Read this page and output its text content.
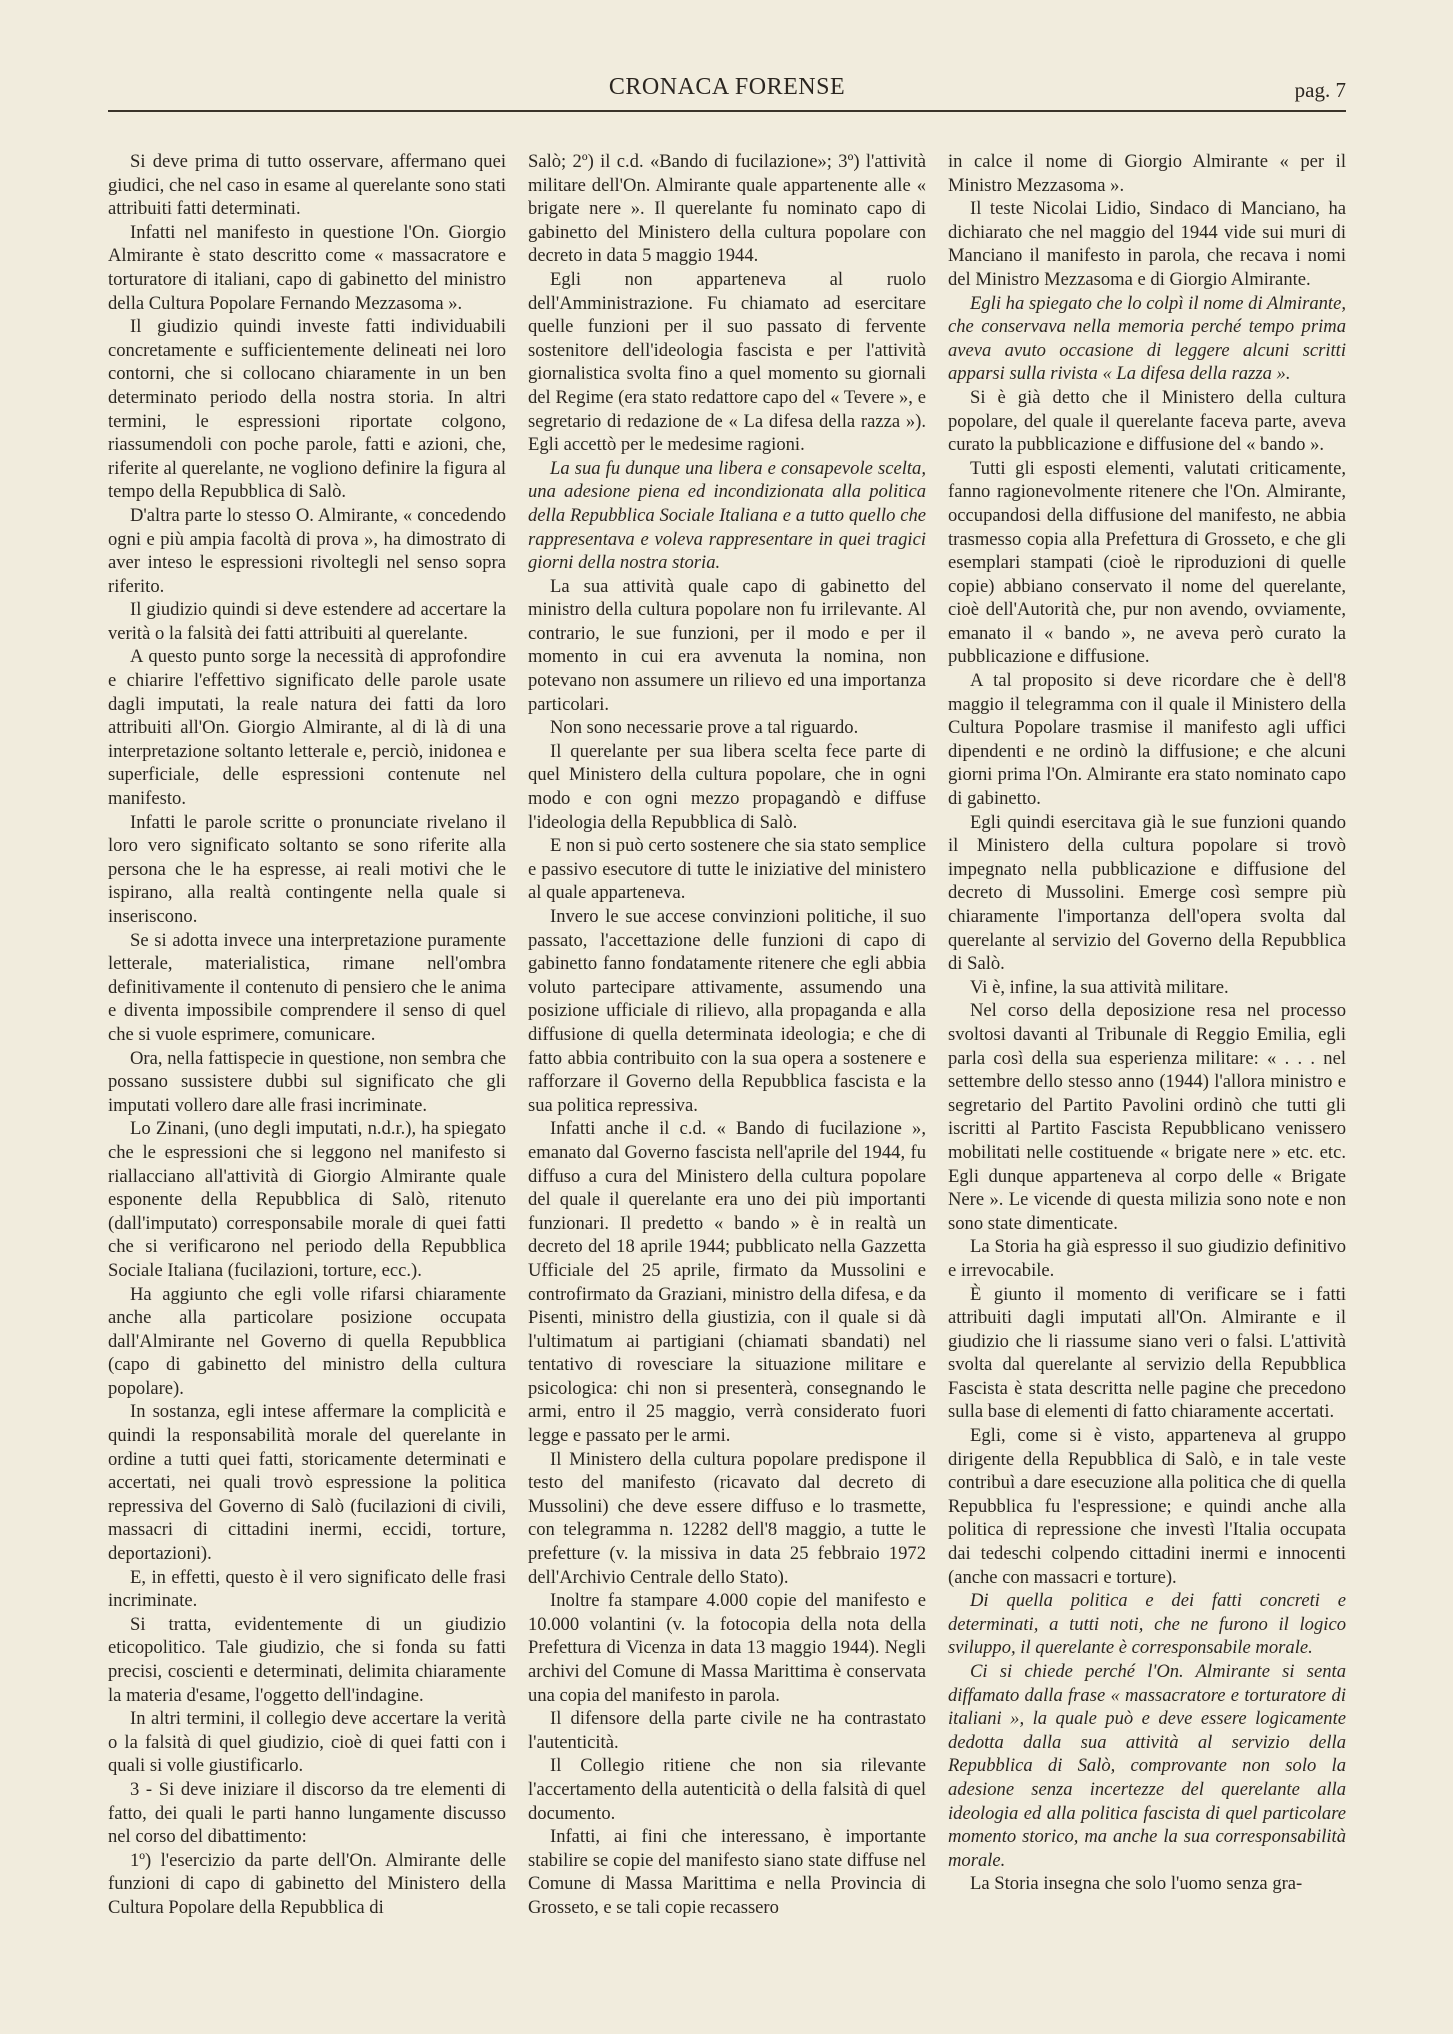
CRONACA FORENSE	pag. 7

Si deve prima di tutto osservare, affermano quei giudici, che nel caso in esame al querelante sono stati attribuiti fatti determinati.

Infatti nel manifesto in questione l'On. Giorgio Almirante è stato descritto come « massacratore e torturatore di italiani, capo di gabinetto del ministro della Cultura Popolare Fernando Mezzasoma ».

Il giudizio quindi investe fatti individuabili concretamente e sufficientemente delineati nei loro contorni, che si collocano chiaramente in un ben determinato periodo della nostra storia. In altri termini, le espressioni riportate colgono, riassumendoli con poche parole, fatti e azioni, che, riferite al querelante, ne vogliono definire la figura al tempo della Repubblica di Salò.

D'altra parte lo stesso O. Almirante, « concedendo ogni e più ampia facoltà di prova », ha dimostrato di aver inteso le espressioni rivoltegli nel senso sopra riferito.

Il giudizio quindi si deve estendere ad accertare la verità o la falsità dei fatti attribuiti al querelante.

A questo punto sorge la necessità di approfondire e chiarire l'effettivo significato delle parole usate dagli imputati, la reale natura dei fatti da loro attribuiti all'On. Giorgio Almirante, al di là di una interpretazione soltanto letterale e, perciò, inidonea e superficiale, delle espressioni contenute nel manifesto.

Infatti le parole scritte o pronunciate rivelano il loro vero significato soltanto se sono riferite alla persona che le ha espresse, ai reali motivi che le ispirano, alla realtà contingente nella quale si inseriscono.

Se si adotta invece una interpretazione puramente letterale, materialistica, rimane nell'ombra definitivamente il contenuto di pensiero che le anima e diventa impossibile comprendere il senso di quel che si vuole esprimere, comunicare.

Ora, nella fattispecie in questione, non sembra che possano sussistere dubbi sul significato che gli imputati vollero dare alle frasi incriminate.

Lo Zinani, (uno degli imputati, n.d.r.), ha spiegato che le espressioni che si leggono nel manifesto si riallacciano all'attività di Giorgio Almirante quale esponente della Repubblica di Salò, ritenuto (dall'imputato) corresponsabile morale di quei fatti che si verificarono nel periodo della Repubblica Sociale Italiana (fucilazioni, torture, ecc.).

Ha aggiunto che egli volle rifarsi chiaramente anche alla particolare posizione occupata dall'Almirante nel Governo di quella Repubblica (capo di gabinetto del ministro della cultura popolare).

In sostanza, egli intese affermare la complicità e quindi la responsabilità morale del querelante in ordine a tutti quei fatti, storicamente determinati e accertati, nei quali trovò espressione la politica repressiva del Governo di Salò (fucilazioni di civili, massacri di cittadini inermi, eccidi, torture, deportazioni).

E, in effetti, questo è il vero significato delle frasi incriminate.

Si tratta, evidentemente di un giudizio eticopolitico. Tale giudizio, che si fonda su fatti precisi, coscienti e determinati, delimita chiaramente la materia d'esame, l'oggetto dell'indagine.

In altri termini, il collegio deve accertare la verità o la falsità di quel giudizio, cioè di quei fatti con i quali si volle giustificarlo.

3 - Si deve iniziare il discorso da tre elementi di fatto, dei quali le parti hanno lungamente discusso nel corso del dibattimento:

1º) l'esercizio da parte dell'On. Almirante delle funzioni di capo di gabinetto del Ministero della Cultura Popolare della Repubblica di

Salò; 2º) il c.d. «Bando di fucilazione»; 3º) l'attività militare dell'On. Almirante quale appartenente alle « brigate nere ». Il querelante fu nominato capo di gabinetto del Ministero della cultura popolare con decreto in data 5 maggio 1944.

Egli non apparteneva al ruolo dell'Amministrazione. Fu chiamato ad esercitare quelle funzioni per il suo passato di fervente sostenitore dell'ideologia fascista e per l'attività giornalistica svolta fino a quel momento su giornali del Regime (era stato redattore capo del « Tevere », e segretario di redazione de « La difesa della razza »). Egli accettò per le medesime ragioni.

La sua fu dunque una libera e consapevole scelta, una adesione piena ed incondizionata alla politica della Repubblica Sociale Italiana e a tutto quello che rappresentava e voleva rappresentare in quei tragici giorni della nostra storia.

La sua attività quale capo di gabinetto del ministro della cultura popolare non fu irrilevante. Al contrario, le sue funzioni, per il modo e per il momento in cui era avvenuta la nomina, non potevano non assumere un rilievo ed una importanza particolari.

Non sono necessarie prove a tal riguardo.

Il querelante per sua libera scelta fece parte di quel Ministero della cultura popolare, che in ogni modo e con ogni mezzo propagandò e diffuse l'ideologia della Repubblica di Salò.

E non si può certo sostenere che sia stato semplice e passivo esecutore di tutte le iniziative del ministero al quale apparteneva.

Invero le sue accese convinzioni politiche, il suo passato, l'accettazione delle funzioni di capo di gabinetto fanno fondatamente ritenere che egli abbia voluto partecipare attivamente, assumendo una posizione ufficiale di rilievo, alla propaganda e alla diffusione di quella determinata ideologia; e che di fatto abbia contribuito con la sua opera a sostenere e rafforzare il Governo della Repubblica fascista e la sua politica repressiva.

Infatti anche il c.d. « Bando di fucilazione », emanato dal Governo fascista nell'aprile del 1944, fu diffuso a cura del Ministero della cultura popolare del quale il querelante era uno dei più importanti funzionari. Il predetto « bando » è in realtà un decreto del 18 aprile 1944; pubblicato nella Gazzetta Ufficiale del 25 aprile, firmato da Mussolini e controfirmato da Graziani, ministro della difesa, e da Pisenti, ministro della giustizia, con il quale si dà l'ultimatum ai partigiani (chiamati sbandati) nel tentativo di rovesciare la situazione militare e psicologica: chi non si presenterà, consegnando le armi, entro il 25 maggio, verrà considerato fuori legge e passato per le armi.

Il Ministero della cultura popolare predispone il testo del manifesto (ricavato dal decreto di Mussolini) che deve essere diffuso e lo trasmette, con telegramma n. 12282 dell'8 maggio, a tutte le prefetture (v. la missiva in data 25 febbraio 1972 dell'Archivio Centrale dello Stato).

Inoltre fa stampare 4.000 copie del manifesto e 10.000 volantini (v. la fotocopia della nota della Prefettura di Vicenza in data 13 maggio 1944). Negli archivi del Comune di Massa Marittima è conservata una copia del manifesto in parola.

Il difensore della parte civile ne ha contrastato l'autenticità.

Il Collegio ritiene che non sia rilevante l'accertamento della autenticità o della falsità di quel documento.

Infatti, ai fini che interessano, è importante stabilire se copie del manifesto siano state diffuse nel Comune di Massa Marittima e nella Provincia di Grosseto, e se tali copie recassero

in calce il nome di Giorgio Almirante « per il Ministro Mezzasoma ».

Il teste Nicolai Lidio, Sindaco di Manciano, ha dichiarato che nel maggio del 1944 vide sui muri di Manciano il manifesto in parola, che recava i nomi del Ministro Mezzasoma e di Giorgio Almirante.

Egli ha spiegato che lo colpì il nome di Almirante, che conservava nella memoria perché tempo prima aveva avuto occasione di leggere alcuni scritti apparsi sulla rivista « La difesa della razza ».

Si è già detto che il Ministero della cultura popolare, del quale il querelante faceva parte, aveva curato la pubblicazione e diffusione del « bando ».

Tutti gli esposti elementi, valutati criticamente, fanno ragionevolmente ritenere che l'On. Almirante, occupandosi della diffusione del manifesto, ne abbia trasmesso copia alla Prefettura di Grosseto, e che gli esemplari stampati (cioè le riproduzioni di quelle copie) abbiano conservato il nome del querelante, cioè dell'Autorità che, pur non avendo, ovviamente, emanato il « bando », ne aveva però curato la pubblicazione e diffusione.

A tal proposito si deve ricordare che è dell'8 maggio il telegramma con il quale il Ministero della Cultura Popolare trasmise il manifesto agli uffici dipendenti e ne ordinò la diffusione; e che alcuni giorni prima l'On. Almirante era stato nominato capo di gabinetto.

Egli quindi esercitava già le sue funzioni quando il Ministero della cultura popolare si trovò impegnato nella pubblicazione e diffusione del decreto di Mussolini. Emerge così sempre più chiaramente l'importanza dell'opera svolta dal querelante al servizio del Governo della Repubblica di Salò.

Vi è, infine, la sua attività militare.

Nel corso della deposizione resa nel processo svoltosi davanti al Tribunale di Reggio Emilia, egli parla così della sua esperienza militare: « . . . nel settembre dello stesso anno (1944) l'allora ministro e segretario del Partito Pavolini ordinò che tutti gli iscritti al Partito Fascista Repubblicano venissero mobilitati nelle costituende « brigate nere » etc. etc. Egli dunque apparteneva al corpo delle « Brigate Nere ». Le vicende di questa milizia sono note e non sono state dimenticate.

La Storia ha già espresso il suo giudizio definitivo e irrevocabile.

È giunto il momento di verificare se i fatti attribuiti dagli imputati all'On. Almirante e il giudizio che li riassume siano veri o falsi. L'attività svolta dal querelante al servizio della Repubblica Fascista è stata descritta nelle pagine che precedono sulla base di elementi di fatto chiaramente accertati.

Egli, come si è visto, apparteneva al gruppo dirigente della Repubblica di Salò, e in tale veste contribuì a dare esecuzione alla politica che di quella Repubblica fu l'espressione; e quindi anche alla politica di repressione che investì l'Italia occupata dai tedeschi colpendo cittadini inermi e innocenti (anche con massacri e torture).

Di quella politica e dei fatti concreti e determinati, a tutti noti, che ne furono il logico sviluppo, il querelante è corresponsabile morale.

Ci si chiede perché l'On. Almirante si senta diffamato dalla frase « massacratore e torturatore di italiani », la quale può e deve essere logicamente dedotta dalla sua attività al servizio della Repubblica di Salò, comprovante non solo la adesione senza incertezze del querelante alla ideologia ed alla politica fascista di quel particolare momento storico, ma anche la sua corresponsabilità morale.

La Storia insegna che solo l'uomo senza gra-
